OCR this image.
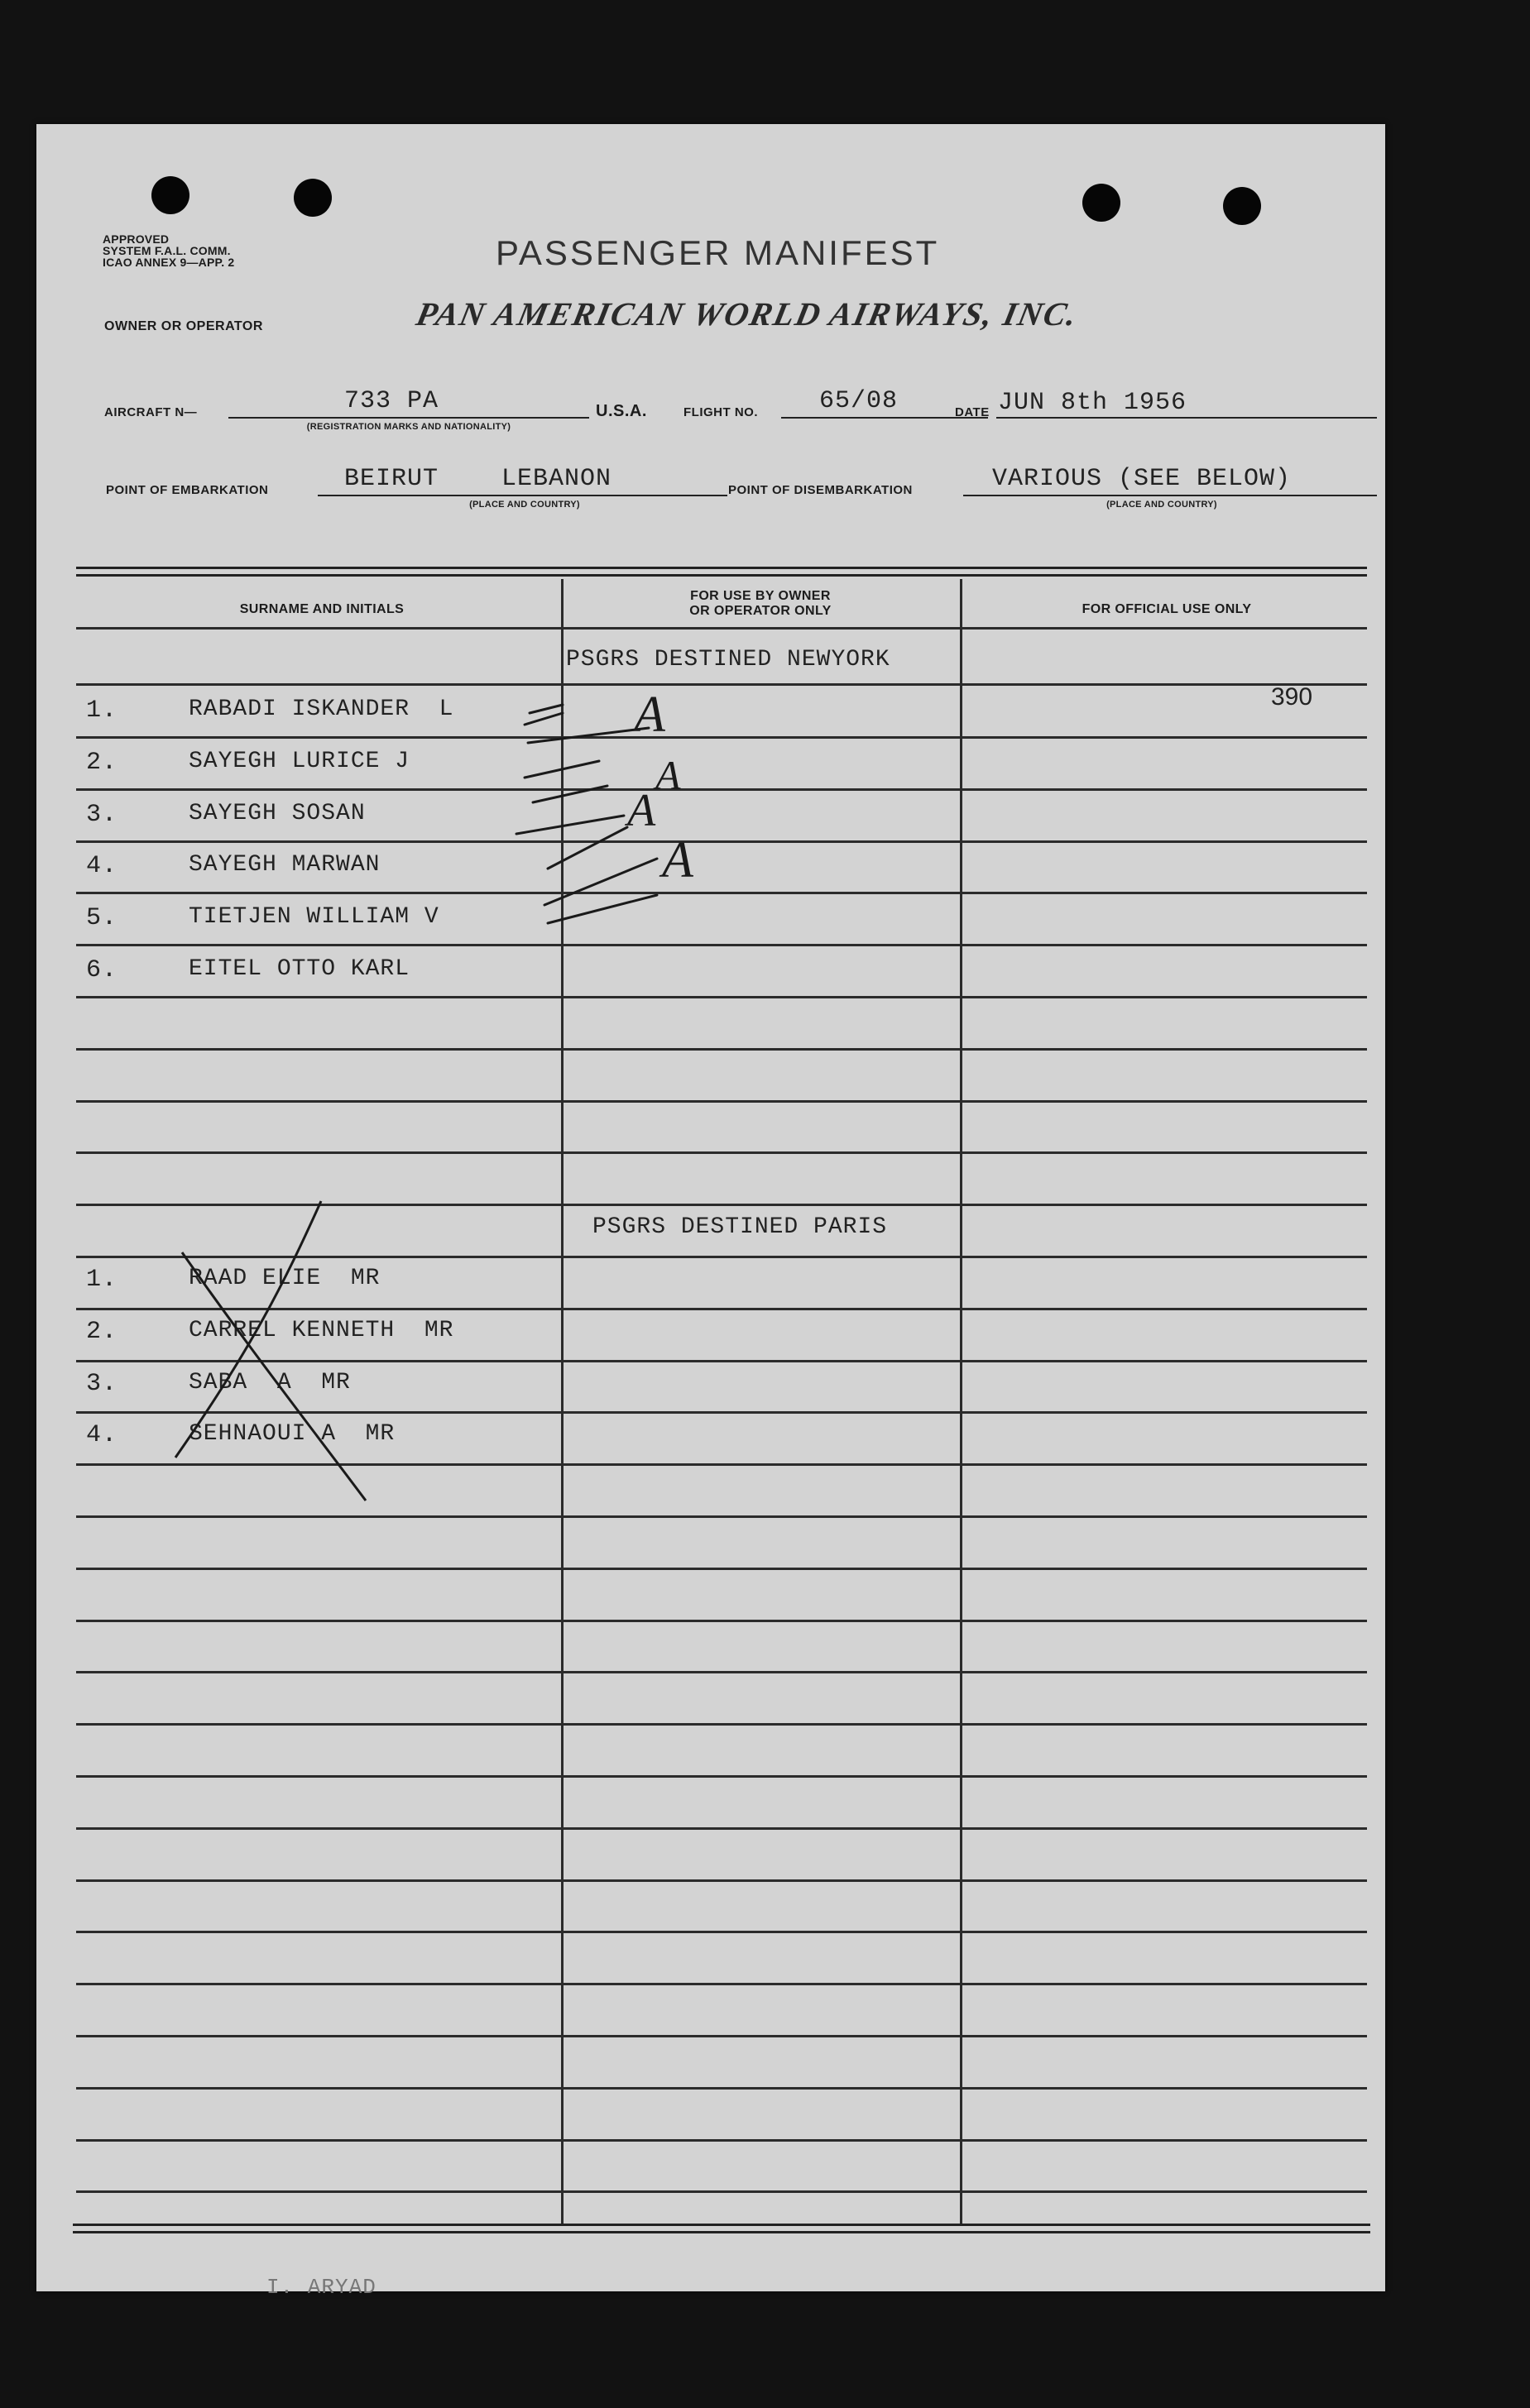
APPROVED
SYSTEM F.A.L. COMM.
ICAO ANNEX 9—APP. 2	PASSENGER MANIFEST
OWNER OR OPERATOR	PAN AMERICAN WORLD AIRWAYS, INC.
AIRCRAFT N—	733 PA
(REGISTRATION MARKS AND NATIONALITY)
U.S.A.	FLIGHT NO. 65/08	DATE JUN 8th 1956
POINT OF EMBARKATION	BEIRUT    LEBANON
(PLACE AND COUNTRY)
POINT OF DISEMBARKATION	VARIOUS (SEE BELOW)
(PLACE AND COUNTRY)
SURNAME AND INITIALS
FOR USE BY OWNER
OR OPERATOR ONLY	FOR OFFICIAL USE ONLY
PSGRS DESTINED NEWYORK
390
1.	RABADI ISKANDER  L
2.	SAYEGH LURICE J
3.	SAYEGH SOSAN
4.	SAYEGH MARWAN
5.	TIETJEN WILLIAM V
6.	EITEL OTTO KARL
PSGRS DESTINED PARIS
1.	RAAD ELIE  MR
2.	CARREL KENNETH  MR
3.	SABA  A  MR
4.	SEHNAOUI A  MR
A
A
A
A
I. ARYAD
